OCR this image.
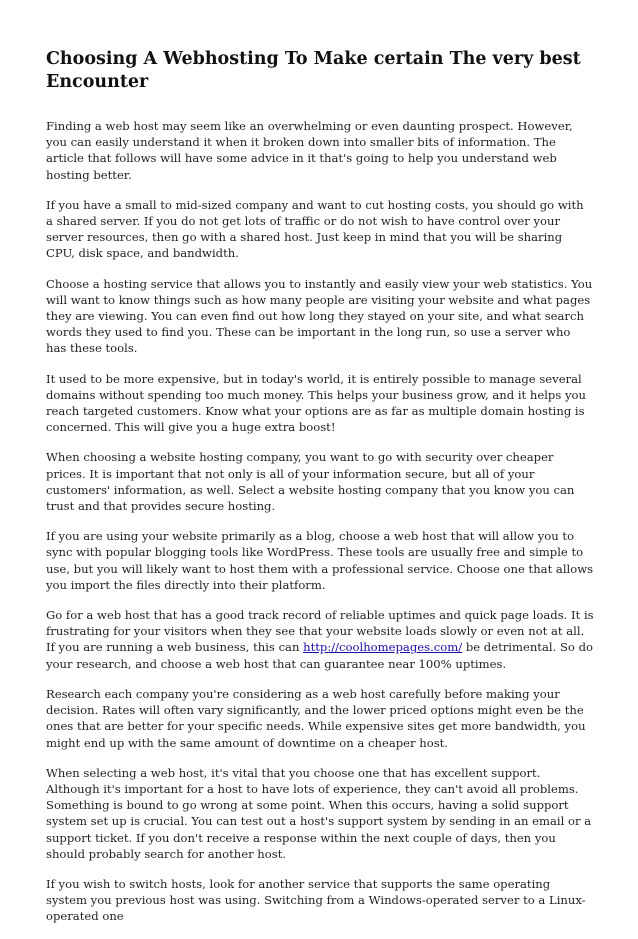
Choosing A Webhosting To Make certain The very best Encounter

Finding a web host may seem like an overwhelming or even daunting prospect. However, you can easily understand it when it broken down into smaller bits of information. The article that follows will have some advice in it that's going to help you understand web hosting better.

If you have a small to mid-sized company and want to cut hosting costs, you should go with a shared server. If you do not get lots of traffic or do not wish to have control over your server resources, then go with a shared host. Just keep in mind that you will be sharing CPU, disk space, and bandwidth.

Choose a hosting service that allows you to instantly and easily view your web statistics. You will want to know things such as how many people are visiting your website and what pages they are viewing. You can even find out how long they stayed on your site, and what search words they used to find you. These can be important in the long run, so use a server who has these tools.

It used to be more expensive, but in today's world, it is entirely possible to manage several domains without spending too much money. This helps your business grow, and it helps you reach targeted customers. Know what your options are as far as multiple domain hosting is concerned. This will give you a huge extra boost!

When choosing a website hosting company, you want to go with security over cheaper prices. It is important that not only is all of your information secure, but all of your customers' information, as well. Select a website hosting company that you know you can trust and that provides secure hosting.

If you are using your website primarily as a blog, choose a web host that will allow you to sync with popular blogging tools like WordPress. These tools are usually free and simple to use, but you will likely want to host them with a professional service. Choose one that allows you import the files directly into their platform.

Go for a web host that has a good track record of reliable uptimes and quick page loads. It is frustrating for your visitors when they see that your website loads slowly or even not at all. If you are running a web business, this can http://coolhomepages.com/ be detrimental. So do your research, and choose a web host that can guarantee near 100% uptimes.

Research each company you're considering as a web host carefully before making your decision. Rates will often vary significantly, and the lower priced options might even be the ones that are better for your specific needs. While expensive sites get more bandwidth, you might end up with the same amount of downtime on a cheaper host.

When selecting a web host, it's vital that you choose one that has excellent support. Although it's important for a host to have lots of experience, they can't avoid all problems. Something is bound to go wrong at some point. When this occurs, having a solid support system set up is crucial. You can test out a host's support system by sending in an email or a support ticket. If you don't receive a response within the next couple of days, then you should probably search for another host.

If you wish to switch hosts, look for another service that supports the same operating system you previous host was using. Switching from a Windows-operated server to a Linux-operated one
